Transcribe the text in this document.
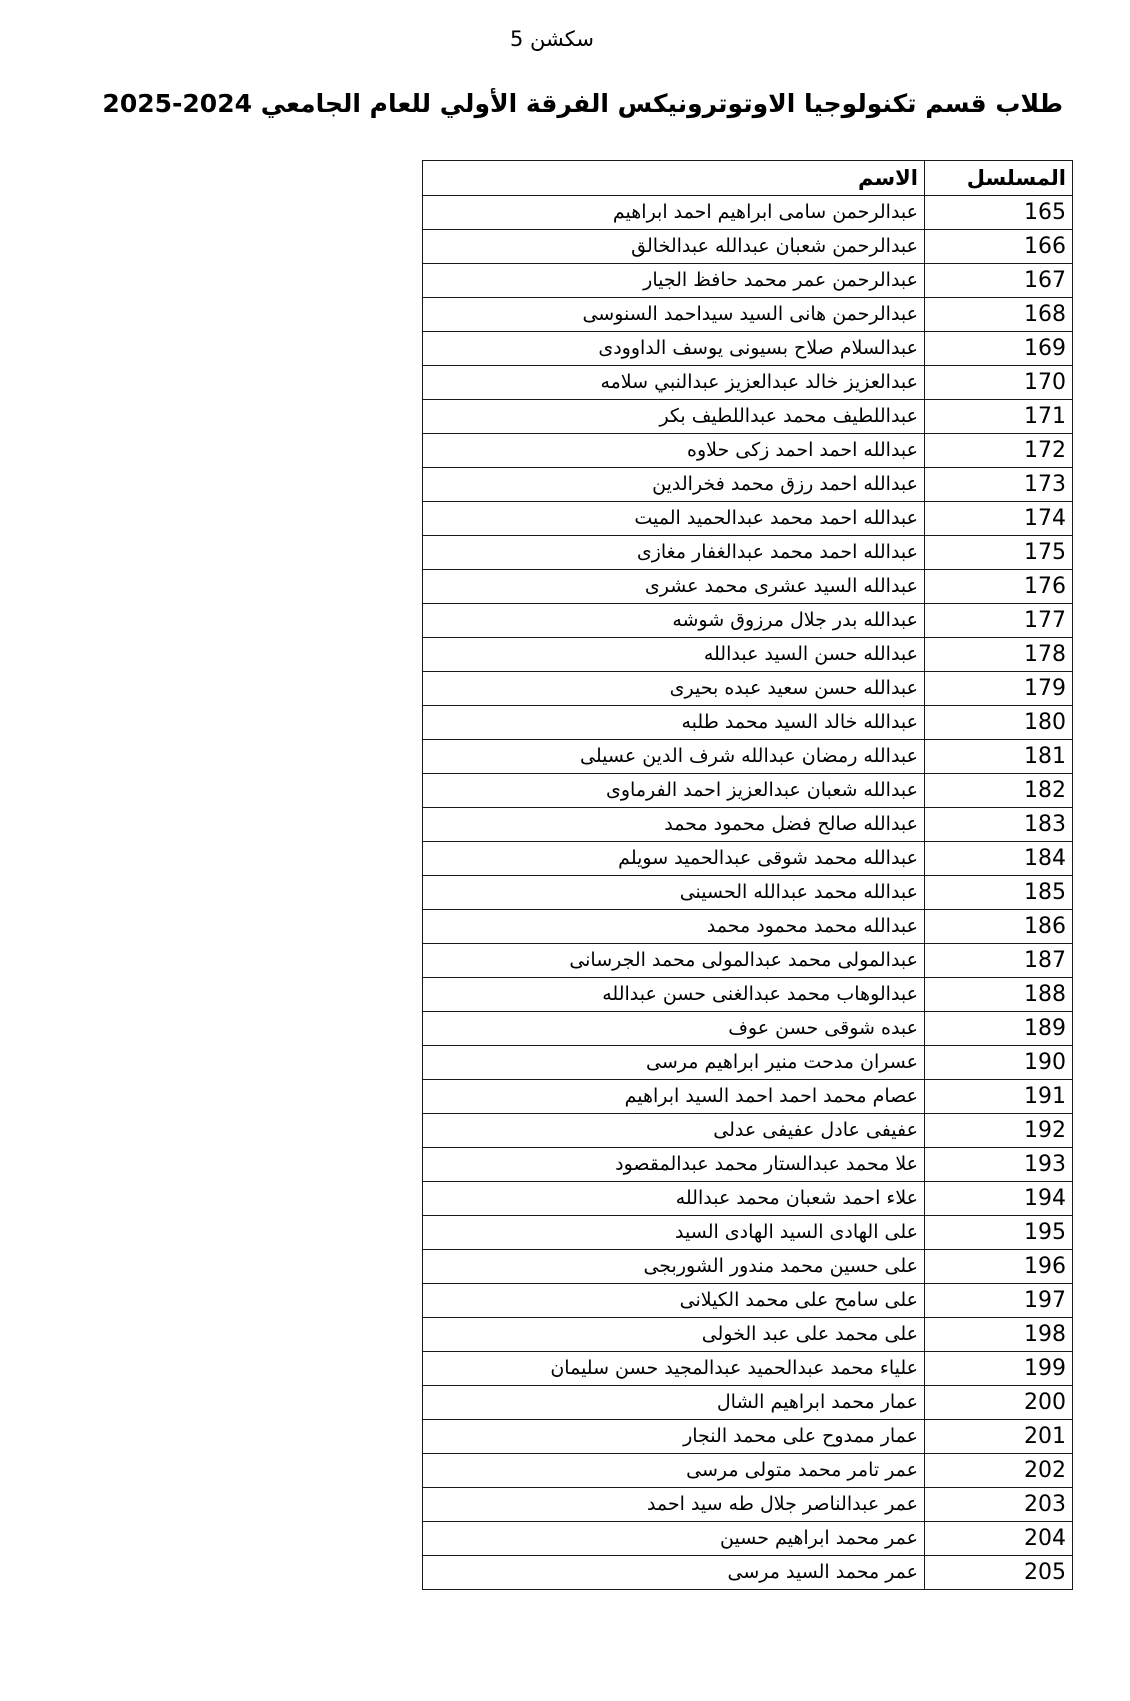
سكشن 5
طلاب قسم تكنولوجيا الاوتوترونيكس الفرقة الأولي للعام الجامعي 2024-2025
المسلسل	الاسم
165	عبدالرحمن سامى ابراهيم احمد ابراهيم
166	عبدالرحمن شعبان عبدالله عبدالخالق
167	عبدالرحمن عمر محمد حافظ الجيار
168	عبدالرحمن هانى السيد سيداحمد السنوسى
169	عبدالسلام صلاح بسيونى يوسف الداوودى
170	عبدالعزيز خالد عبدالعزيز عبدالنبي سلامه
171	عبداللطيف محمد عبداللطيف بكر
172	عبدالله احمد احمد زكى حلاوه
173	عبدالله احمد رزق محمد فخرالدين
174	عبدالله احمد محمد عبدالحميد الميت
175	عبدالله احمد محمد عبدالغفار مغازى
176	عبدالله السيد عشرى محمد عشرى
177	عبدالله بدر جلال مرزوق شوشه
178	عبدالله حسن السيد عبدالله
179	عبدالله حسن سعيد عبده بحيرى
180	عبدالله خالد السيد محمد طلبه
181	عبدالله رمضان عبدالله شرف الدين عسيلى
182	عبدالله شعبان عبدالعزيز احمد الفرماوى
183	عبدالله صالح فضل محمود محمد
184	عبدالله محمد شوقى عبدالحميد سويلم
185	عبدالله محمد عبدالله الحسينى
186	عبدالله محمد محمود محمد
187	عبدالمولى محمد عبدالمولى محمد الجرسانى
188	عبدالوهاب محمد عبدالغنى حسن عبدالله
189	عبده شوقى حسن عوف
190	عسران مدحت منير ابراهيم مرسى
191	عصام محمد احمد احمد السيد ابراهيم
192	عفيفى عادل عفيفى عدلى
193	علا محمد عبدالستار محمد عبدالمقصود
194	علاء احمد شعبان محمد عبدالله
195	على الهادى السيد الهادى السيد
196	على حسين محمد مندور الشوربجى
197	على سامح على محمد الكيلانى
198	على محمد على عبد الخولى
199	علياء محمد عبدالحميد عبدالمجيد حسن سليمان
200	عمار محمد ابراهيم الشال
201	عمار ممدوح على محمد النجار
202	عمر تامر محمد متولى مرسى
203	عمر عبدالناصر جلال طه سيد احمد
204	عمر محمد ابراهيم حسين
205	عمر محمد السيد مرسى
